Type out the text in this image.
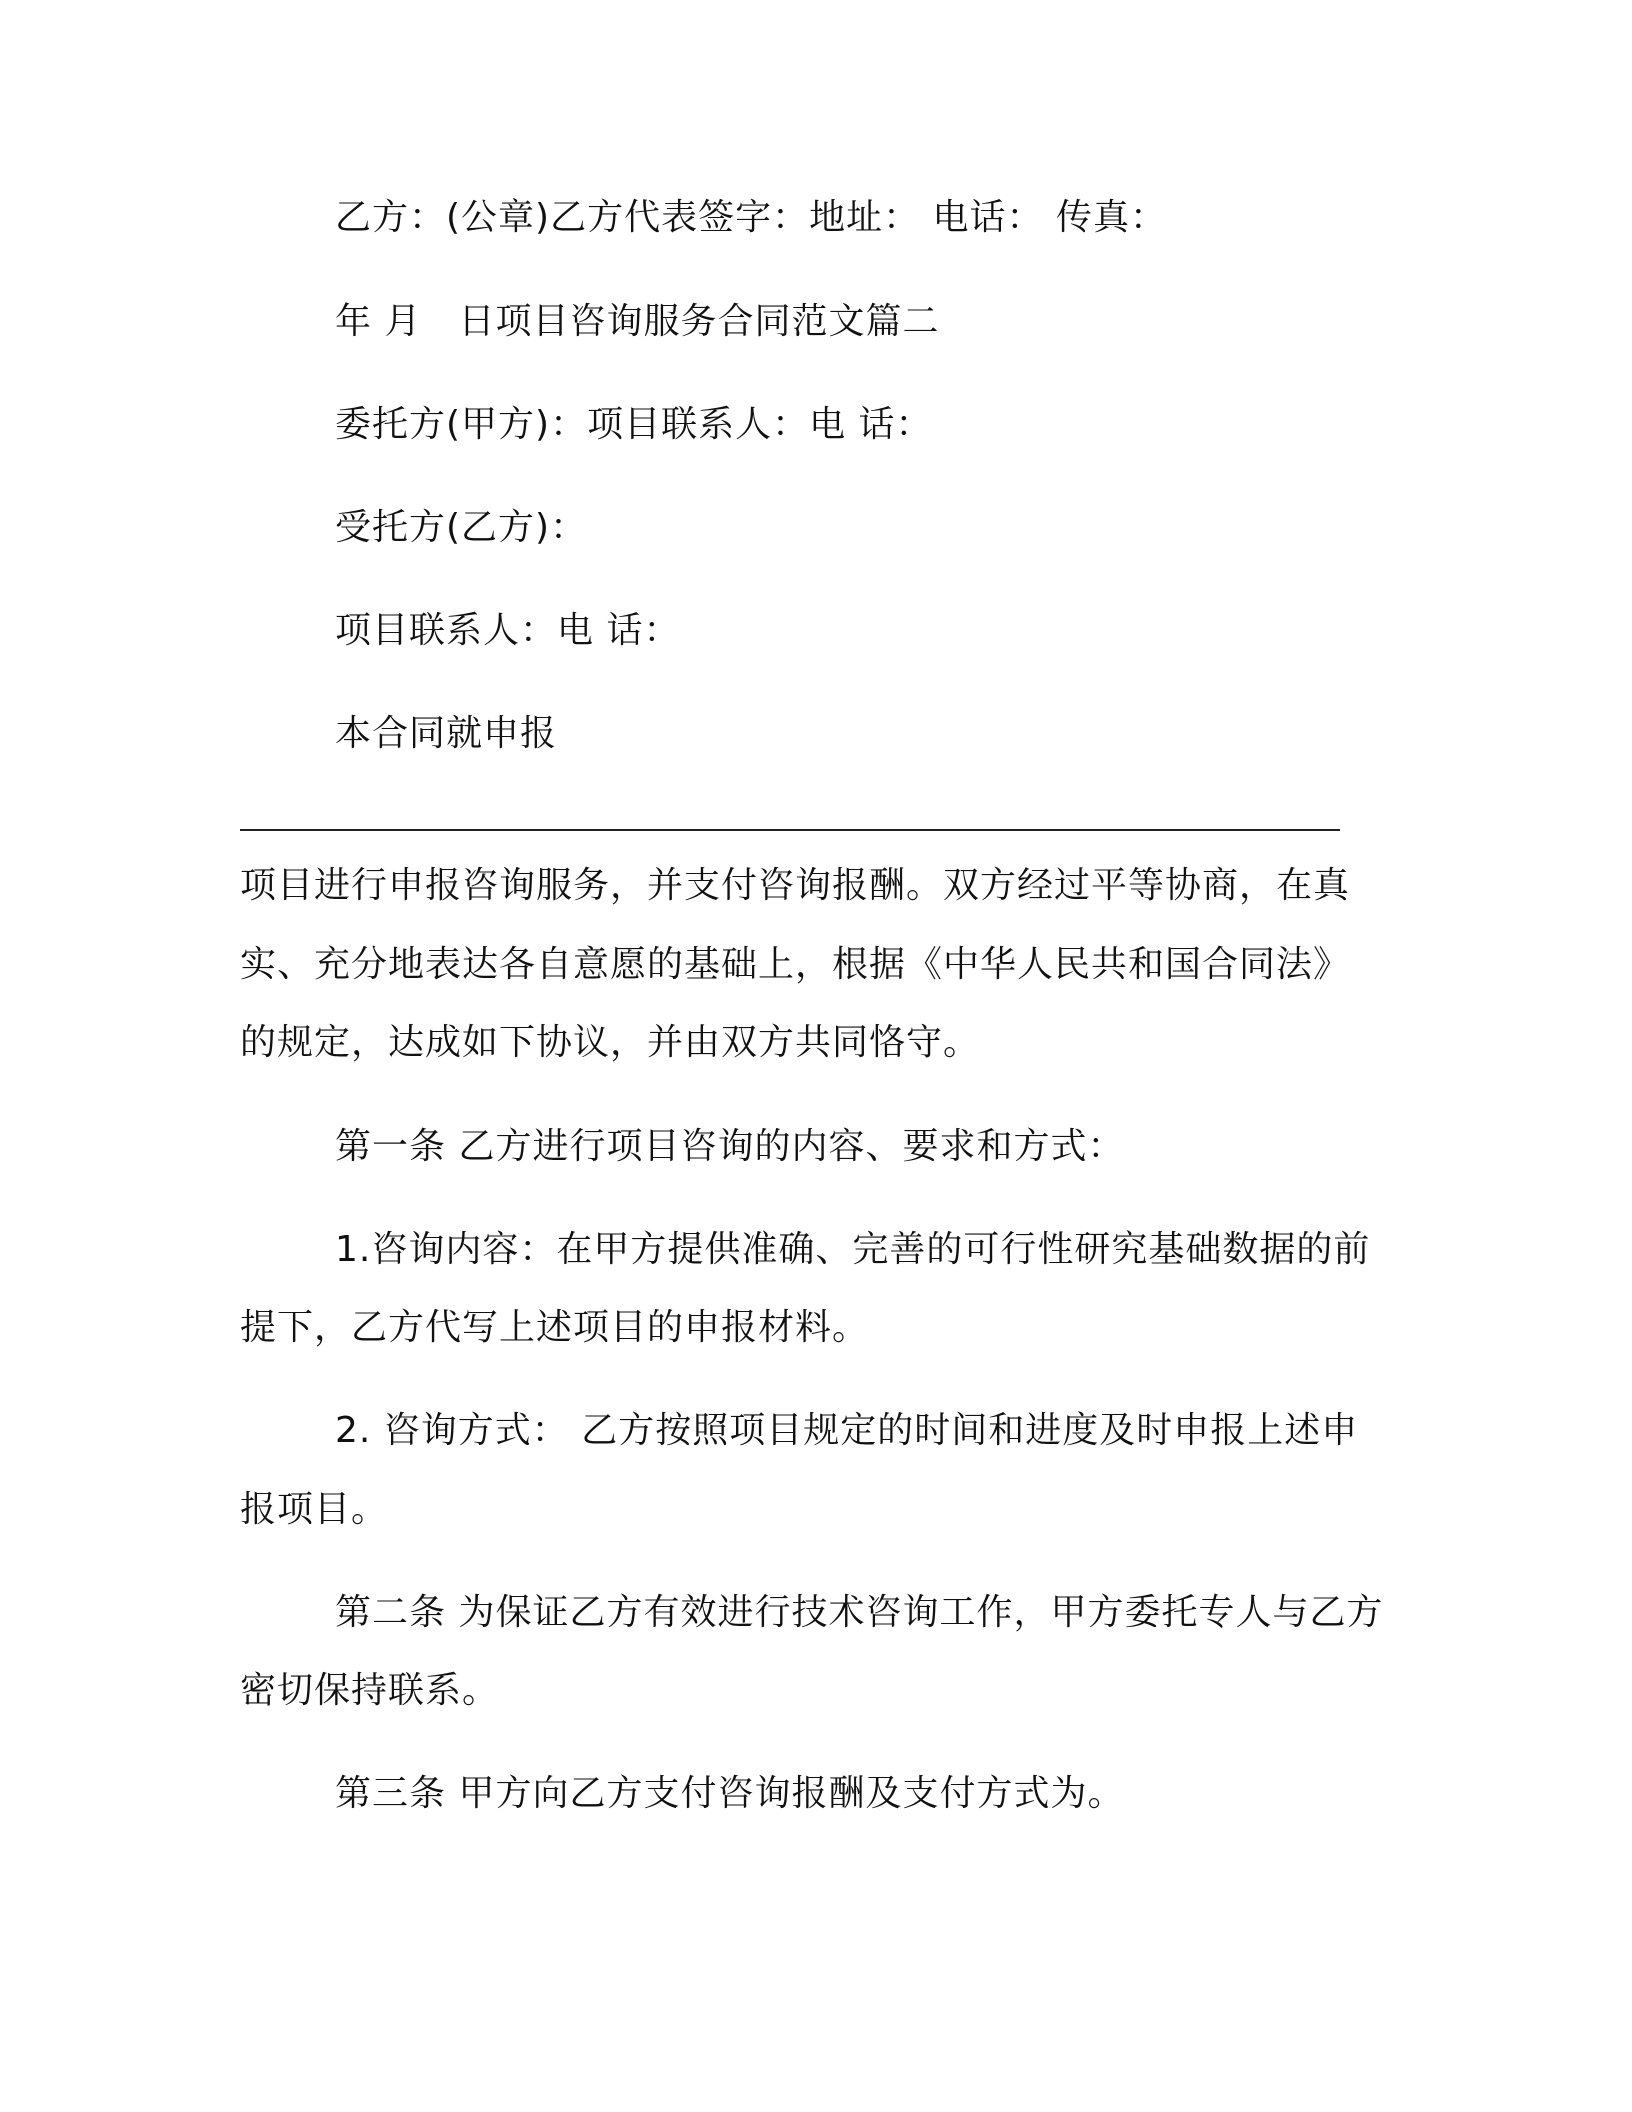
乙方：(公章)乙方代表签字：地址： 电话： 传真：
年 月　日项目咨询服务合同范文篇二
委托方(甲方)：项目联系人：电 话：
受托方(乙方)：
项目联系人：电 话：
本合同就申报
项目进行申报咨询服务，并支付咨询报酬。双方经过平等协商，在真
实、充分地表达各自意愿的基础上，根据《中华人民共和国合同法》
的规定，达成如下协议，并由双方共同恪守。
第一条 乙方进行项目咨询的内容、要求和方式：
1.咨询内容：在甲方提供准确、完善的可行性研究基础数据的前
提下，乙方代写上述项目的申报材料。
2. 咨询方式： 乙方按照项目规定的时间和进度及时申报上述申
报项目。
第二条 为保证乙方有效进行技术咨询工作，甲方委托专人与乙方
密切保持联系。
第三条 甲方向乙方支付咨询报酬及支付方式为。
